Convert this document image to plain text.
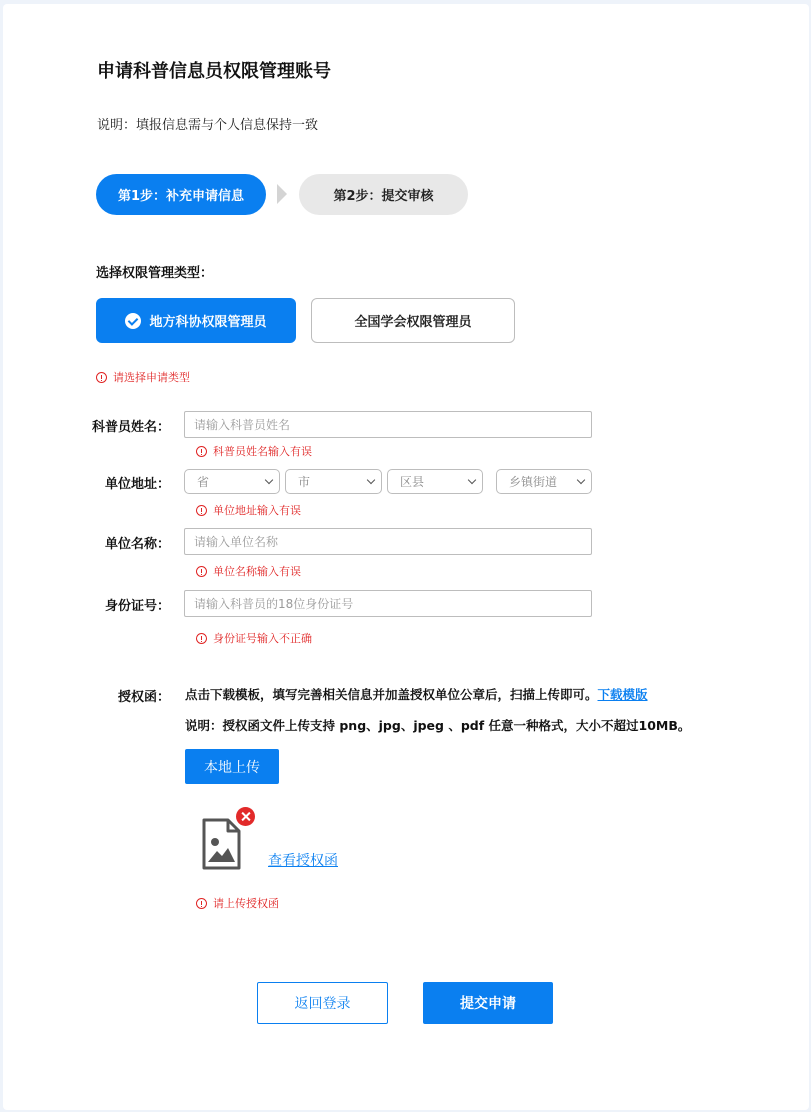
申请科普信息员权限管理账号
说明：填报信息需与个人信息保持一致
第1步：补充申请信息	第2步：提交审核
选择权限管理类型：
地方科协权限管理员	全国学会权限管理员
请选择申请类型
科普员姓名：
请输入科普员姓名
科普员姓名输入有误
单位地址： 省	市	区县	乡镇街道
单位地址输入有误
单位名称：
请输入单位名称
单位名称输入有误
身份证号：
请输入科普员的18位身份证号
身份证号输入不正确
授权函： 点击下载模板，填写完善相关信息并加盖授权单位公章后，扫描上传即可。下载模版
说明：授权函文件上传支持 png、jpg、jpeg 、pdf 任意一种格式，大小不超过10MB。
本地上传
查看授权函
请上传授权函
返回登录	提交申请
